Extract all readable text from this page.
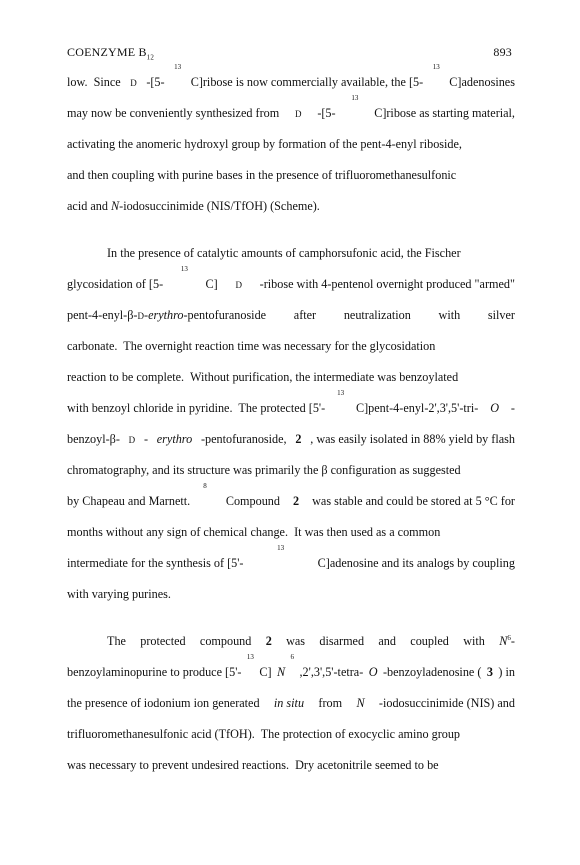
COENZYME $B_{12}$	893

low.  Since d -[5-
13
C]ribose is now commercially available, the [5-
13
C]adenosines
may now be conveniently synthesized from d -[5-
13
C]ribose as starting material,
activating the anomeric hydroxyl group by formation of the pent-4-enyl riboside,
and then coupling with purine bases in the presence of trifluoromethanesulfonic
acid and N-iodosuccinimide (NIS/TfOH) (Scheme).

In the presence of catalytic amounts of camphorsufonic acid, the Fischer
glycosidation of [5-
13
C] d -ribose with 4-pentenol overnight produced "armed"
pent-4-enyl-β-d-erythro-pentofuranoside after neutralization with silver
carbonate.  The overnight reaction time was necessary for the glycosidation
reaction to be complete.  Without purification, the intermediate was benzoylated
with benzoyl chloride in pyridine.  The protected [5'-
13
C]pent-4-enyl-2',3',5'-tri- O -
benzoyl-β- d - erythro -pentofuranoside, 2 , was easily isolated in 88% yield by flash
chromatography, and its structure was primarily the β configuration as suggested
by Chapeau and Marnett.
8
Compound 2 was stable and could be stored at 5 °C for
months without any sign of chemical change.  It was then used as a common
intermediate for the synthesis of [5'-
13
C]adenosine and its analogs by coupling
with varying purines.

The protected compound 2 was disarmed and coupled with $N^6-$
benzoylaminopurine to produce [5'-
13
C] N
6
,2',3',5'-tetra- O -benzoyladenosine ( 3 ) in
the presence of iodonium ion generated in situ from N -iodosuccinimide (NIS) and
trifluoromethanesulfonic acid (TfOH).  The protection of exocyclic amino group
was necessary to prevent undesired reactions.  Dry acetonitrile seemed to be
